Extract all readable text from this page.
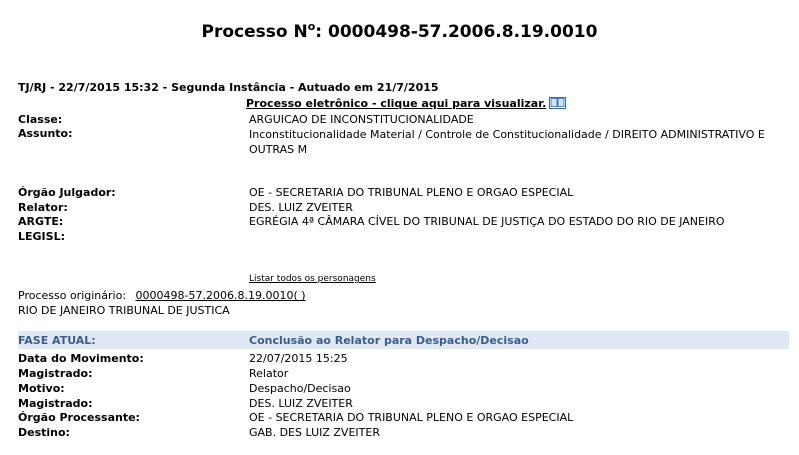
Processo $N^o$: 0000498-57.2006.8.19.0010
TJ/RJ - 22/7/2015 15:32 - Segunda Instância - Autuado em 21/7/2015
Processo eletrônico - clique aqui para visualizar.
Classe:	ARGUICAO DE INCONSTITUCIONALIDADE
Assunto:	Inconstitucionalidade Material / Controle de Constitucionalidade / DIREITO ADMINISTRATIVO E OUTRAS M
Órgão Julgador:	OE - SECRETARIA DO TRIBUNAL PLENO E ORGAO ESPECIAL
Relator:	DES. LUIZ ZVEITER
ARGTE:	EGRÉGIA 4ª CÂMARA CÍVEL DO TRIBUNAL DE JUSTIÇA DO ESTADO DO RIO DE JANEIRO
LEGISL:
Listar todos os personagens
Processo originário: 0000498-57.2006.8.19.0010( )
RIO DE JANEIRO TRIBUNAL DE JUSTICA
FASE ATUAL:	Conclusão ao Relator para Despacho/Decisao
Data do Movimento:	22/07/2015 15:25
Magistrado:	Relator
Motivo:	Despacho/Decisao
Magistrado:	DES. LUIZ ZVEITER
Órgão Processante:	OE - SECRETARIA DO TRIBUNAL PLENO E ORGAO ESPECIAL
Destino:	GAB. DES LUIZ ZVEITER
